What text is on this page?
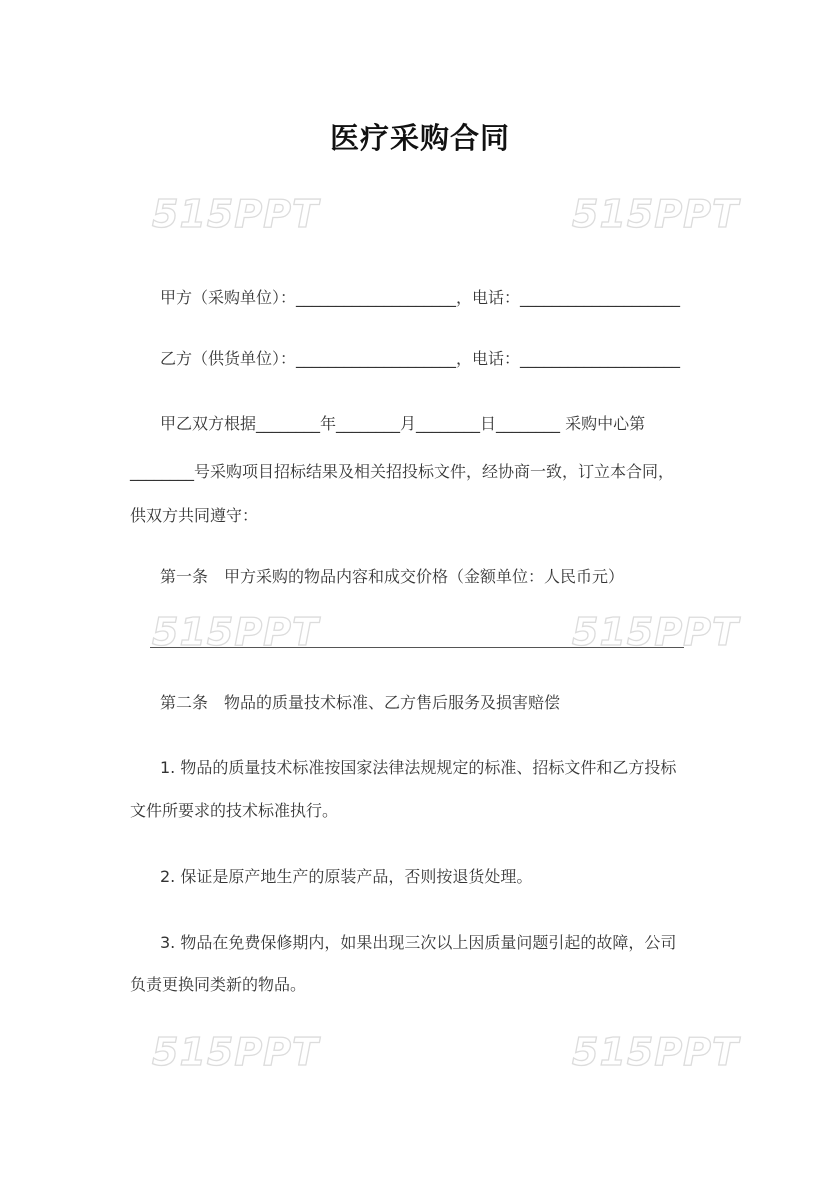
515PPT	515PPT
515PPT	515PPT
515PPT	515PPT
医疗采购合同
甲方（采购单位）：____________________，电话：____________________
乙方（供货单位）：____________________，电话：____________________
甲乙双方根据________年________月________日________ 采购中心第
________号采购项目招标结果及相关招投标文件，经协商一致，订立本合同，
供双方共同遵守：
第一条　甲方采购的物品内容和成交价格（金额单位：人民币元）
第二条　物品的质量技术标准、乙方售后服务及损害赔偿
1. 物品的质量技术标准按国家法律法规规定的标准、招标文件和乙方投标
文件所要求的技术标准执行。
2. 保证是原产地生产的原装产品，否则按退货处理。
3. 物品在免费保修期内，如果出现三次以上因质量问题引起的故障，公司
负责更换同类新的物品。
